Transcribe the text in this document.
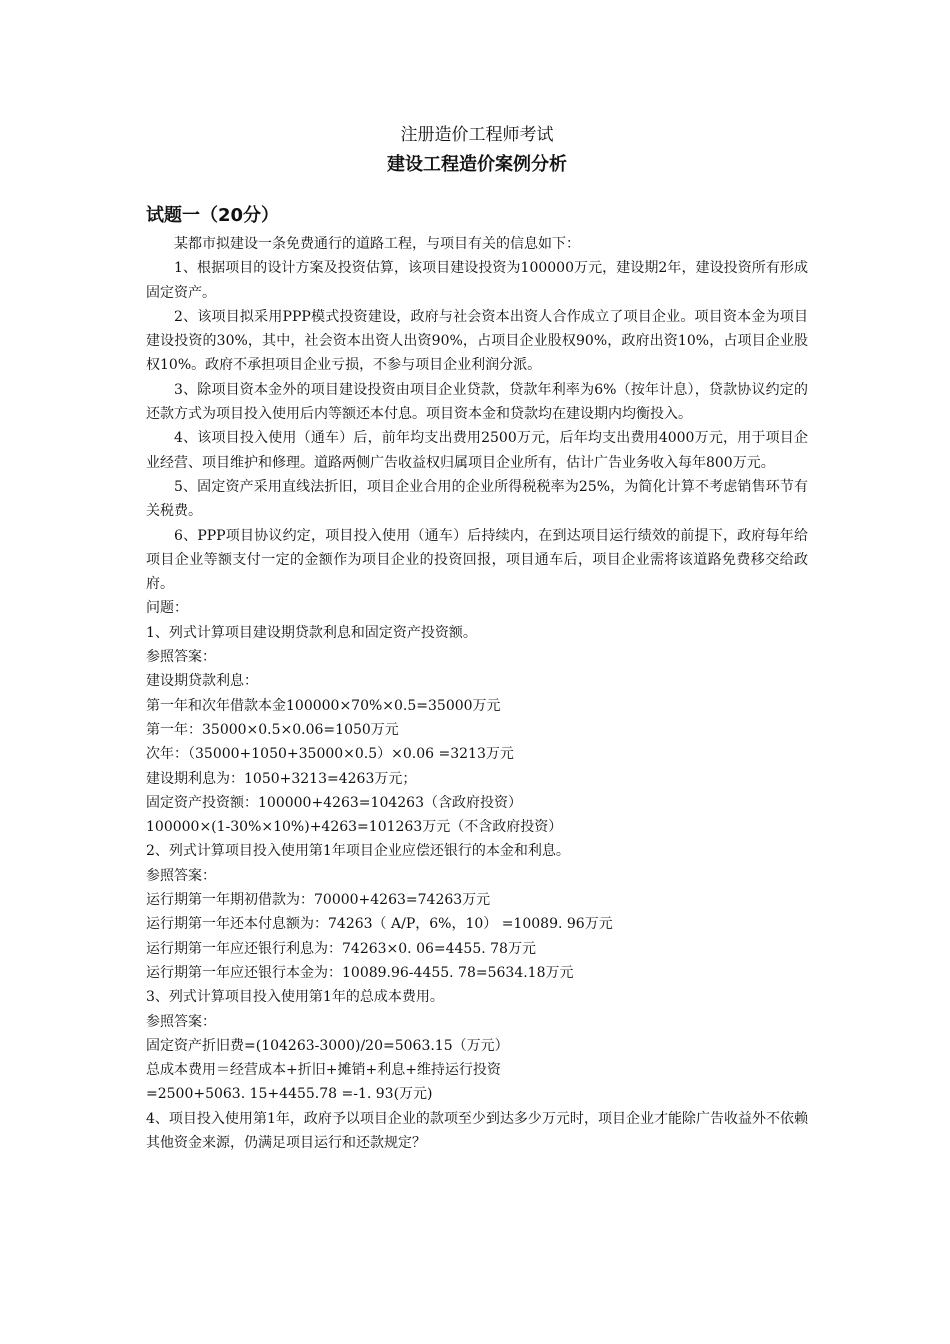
注册造价工程师考试
建设工程造价案例分析
试题一（20分）

某都市拟建设一条免费通行的道路工程，与项目有关的信息如下：

1、根据项目的设计方案及投资估算，该项目建设投资为100000万元，建设期2年，建设投资所有形成固定资产。

2、该项目拟采用PPP模式投资建设，政府与社会资本出资人合作成立了项目企业。项目资本金为项目建设投资的30%，其中，社会资本出资人出资90%，占项目企业股权90%，政府出资10%，占项目企业股权10%。政府不承担项目企业亏损，不参与项目企业利润分派。

3、除项目资本金外的项目建设投资由项目企业贷款，贷款年利率为6%（按年计息），贷款协议约定的还款方式为项目投入使用后内等额还本付息。项目资本金和贷款均在建设期内均衡投入。

4、该项目投入使用（通车）后，前年均支出费用2500万元，后年均支出费用4000万元，用于项目企业经营、项目维护和修理。道路两侧广告收益权归属项目企业所有，估计广告业务收入每年800万元。

5、固定资产采用直线法折旧，项目企业合用的企业所得税税率为25%，为简化计算不考虑销售环节有关税费。

6、PPP项目协议约定，项目投入使用（通车）后持续内，在到达项目运行绩效的前提下，政府每年给项目企业等额支付一定的金额作为项目企业的投资回报，项目通车后，项目企业需将该道路免费移交给政府。

问题：

1、列式计算项目建设期贷款利息和固定资产投资额。

参照答案：

建设期贷款利息：

第一年和次年借款本金100000×70%×0.5=35000万元

第一年：35000×0.5×0.06=1050万元

次年：（35000+1050+35000×0.5）×0.06 =3213万元

建设期利息为：1050+3213=4263万元；

固定资产投资额：100000+4263=104263（含政府投资）

100000×(1-30%×10%)+4263=101263万元（不含政府投资）

2、列式计算项目投入使用第1年项目企业应偿还银行的本金和利息。

参照答案：

运行期第一年期初借款为：70000+4263=74263万元

运行期第一年还本付息额为：74263（ A/P，6%，10） =10089. 96万元

运行期第一年应还银行利息为：74263×0. 06=4455. 78万元

运行期第一年应还银行本金为：10089.96-4455. 78=5634.18万元

3、列式计算项目投入使用第1年的总成本费用。

参照答案：

固定资产折旧费=(104263-3000)/20=5063.15（万元）

总成本费用＝经营成本+折旧+摊销+利息+维持运行投资

=2500+5063. 15+4455.78 =-1. 93(万元)

4、项目投入使用第1年，政府予以项目企业的款项至少到达多少万元时，项目企业才能除广告收益外不依赖其他资金来源，仍满足项目运行和还款规定？
